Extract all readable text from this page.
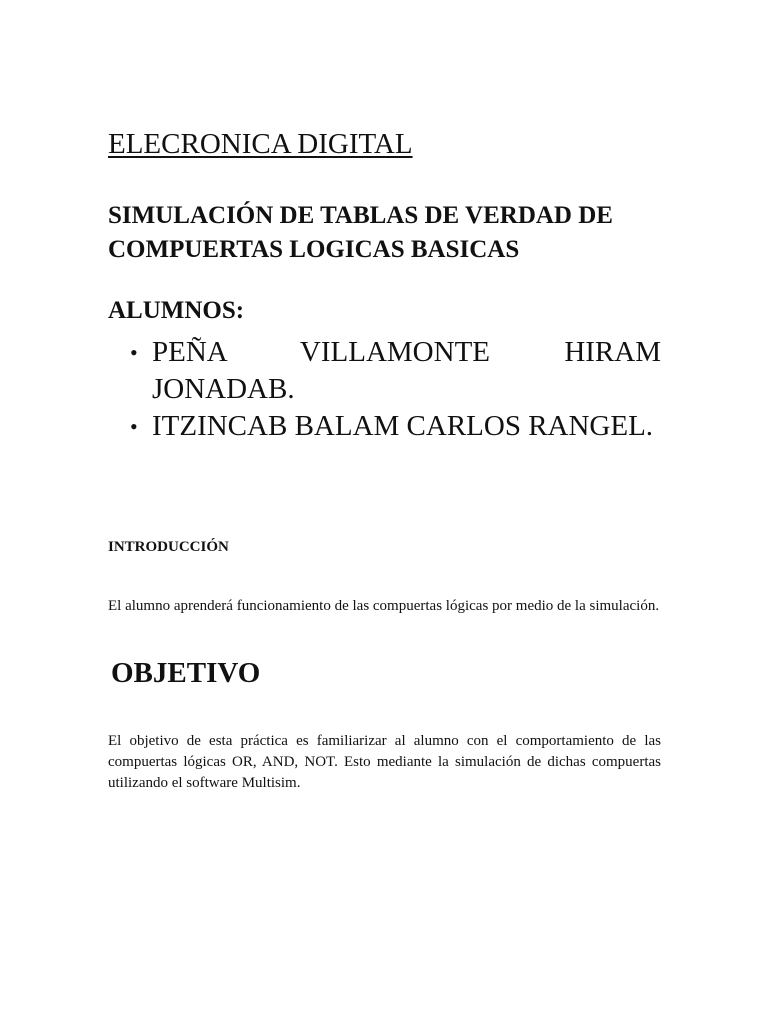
ELECRONICA DIGITAL
SIMULACIÓN DE TABLAS DE VERDAD DE COMPUERTAS LOGICAS BASICAS
ALUMNOS:
• PEÑA VILLAMONTE HIRAM JONADAB.
• ITZINCAB BALAM CARLOS RANGEL.
INTRODUCCIÓN

El alumno aprenderá funcionamiento de las compuertas lógicas por medio de la simulación.

OBJETIVO

El objetivo de esta práctica es familiarizar al alumno con el comportamiento de las compuertas lógicas OR, AND, NOT. Esto mediante la simulación de dichas compuertas utilizando el software Multisim.
